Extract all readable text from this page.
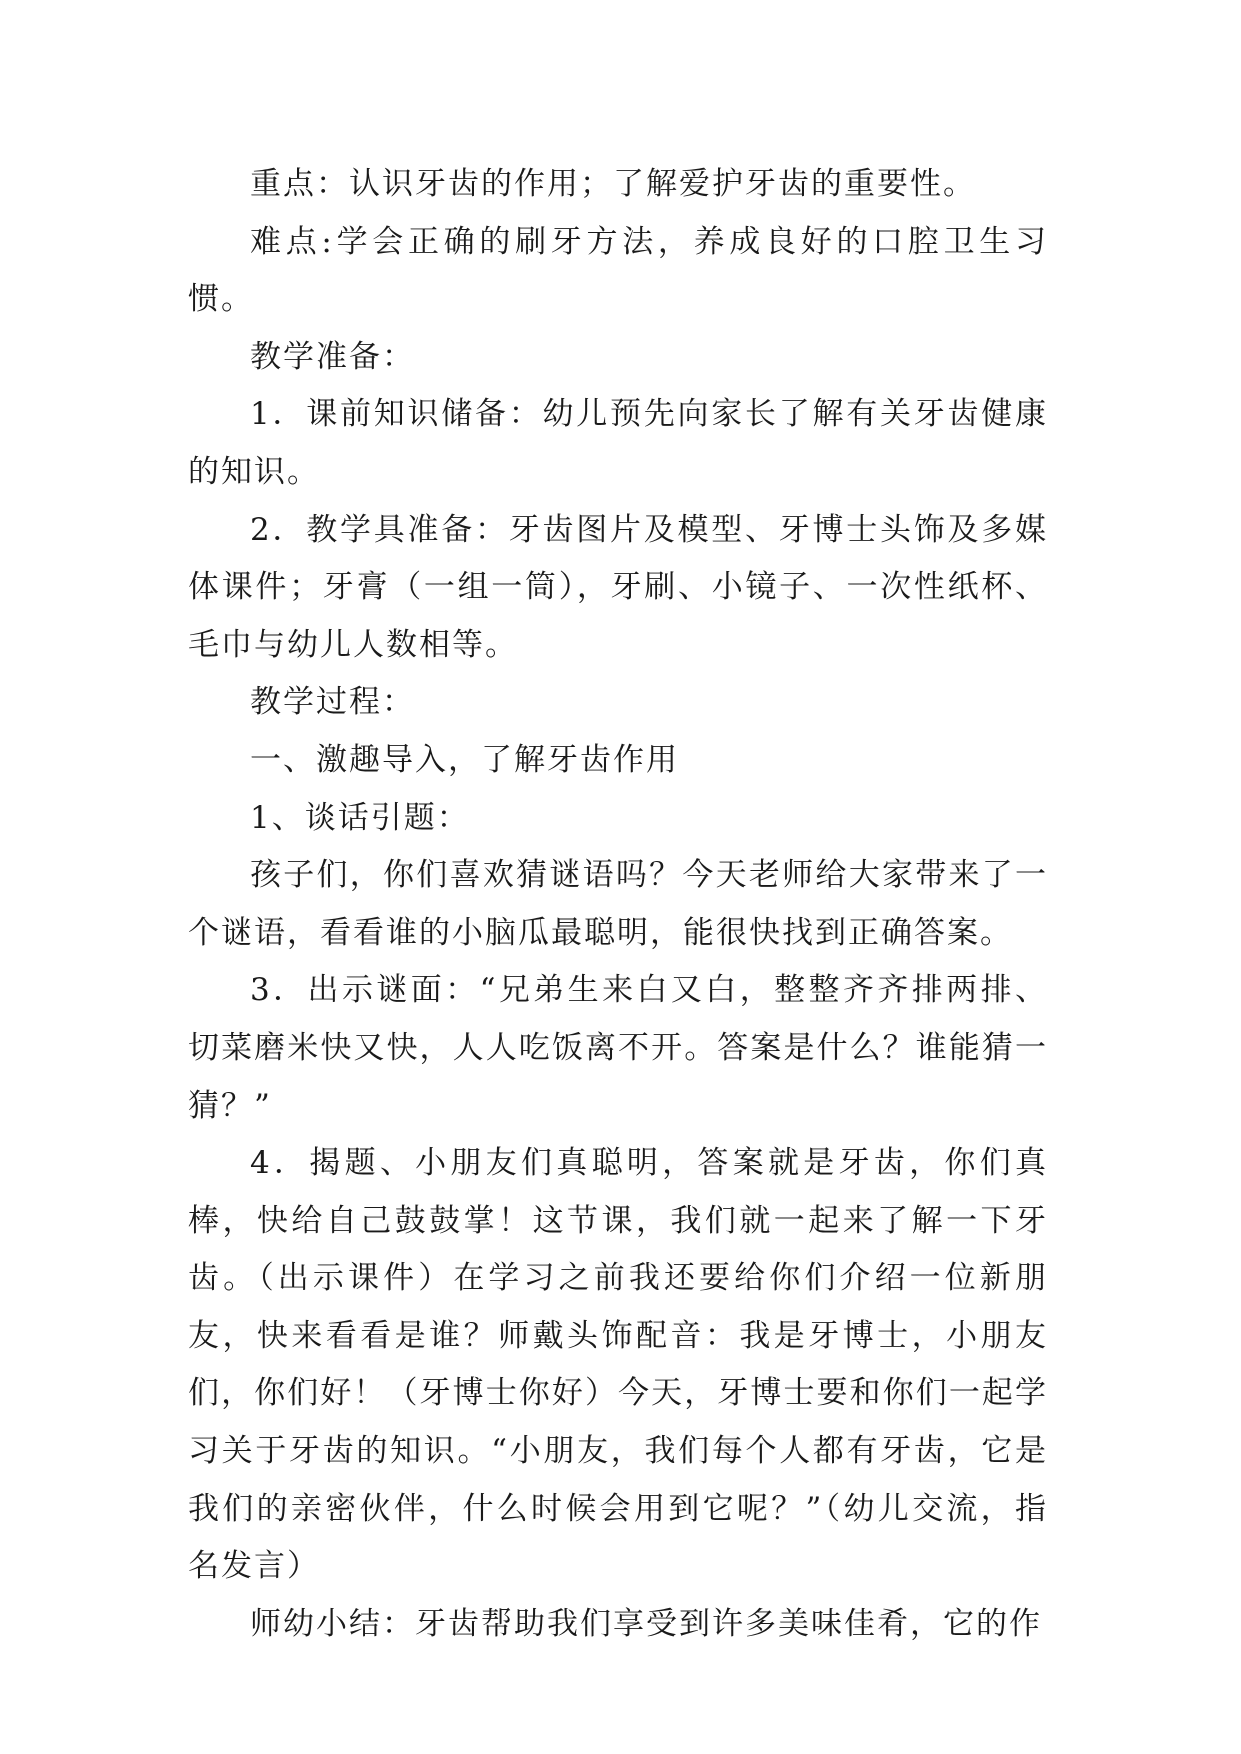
重点：认识牙齿的作用；了解爱护牙齿的重要性。

难点:学会正确的刷牙方法，养成良好的口腔卫生习惯。

教学准备：

1．课前知识储备：幼儿预先向家长了解有关牙齿健康的知识。

2．教学具准备：牙齿图片及模型、牙博士头饰及多媒体课件；牙膏（一组一筒），牙刷、小镜子、一次性纸杯、毛巾与幼儿人数相等。

教学过程：

一、激趣导入，了解牙齿作用

1、谈话引题：

孩子们，你们喜欢猜谜语吗？今天老师给大家带来了一个谜语，看看谁的小脑瓜最聪明，能很快找到正确答案。

3．出示谜面：“兄弟生来白又白，整整齐齐排两排、切菜磨米快又快，人人吃饭离不开。答案是什么？谁能猜一猜？”

4．揭题、小朋友们真聪明，答案就是牙齿，你们真棒，快给自己鼓鼓掌！这节课，我们就一起来了解一下牙齿。（出示课件）在学习之前我还要给你们介绍一位新朋友，快来看看是谁？师戴头饰配音：我是牙博士，小朋友们，你们好！（牙博士你好）今天，牙博士要和你们一起学习关于牙齿的知识。“小朋友，我们每个人都有牙齿，它是我们的亲密伙伴，什么时候会用到它呢？”（幼儿交流，指名发言）

师幼小结：牙齿帮助我们享受到许多美味佳肴，它的作
